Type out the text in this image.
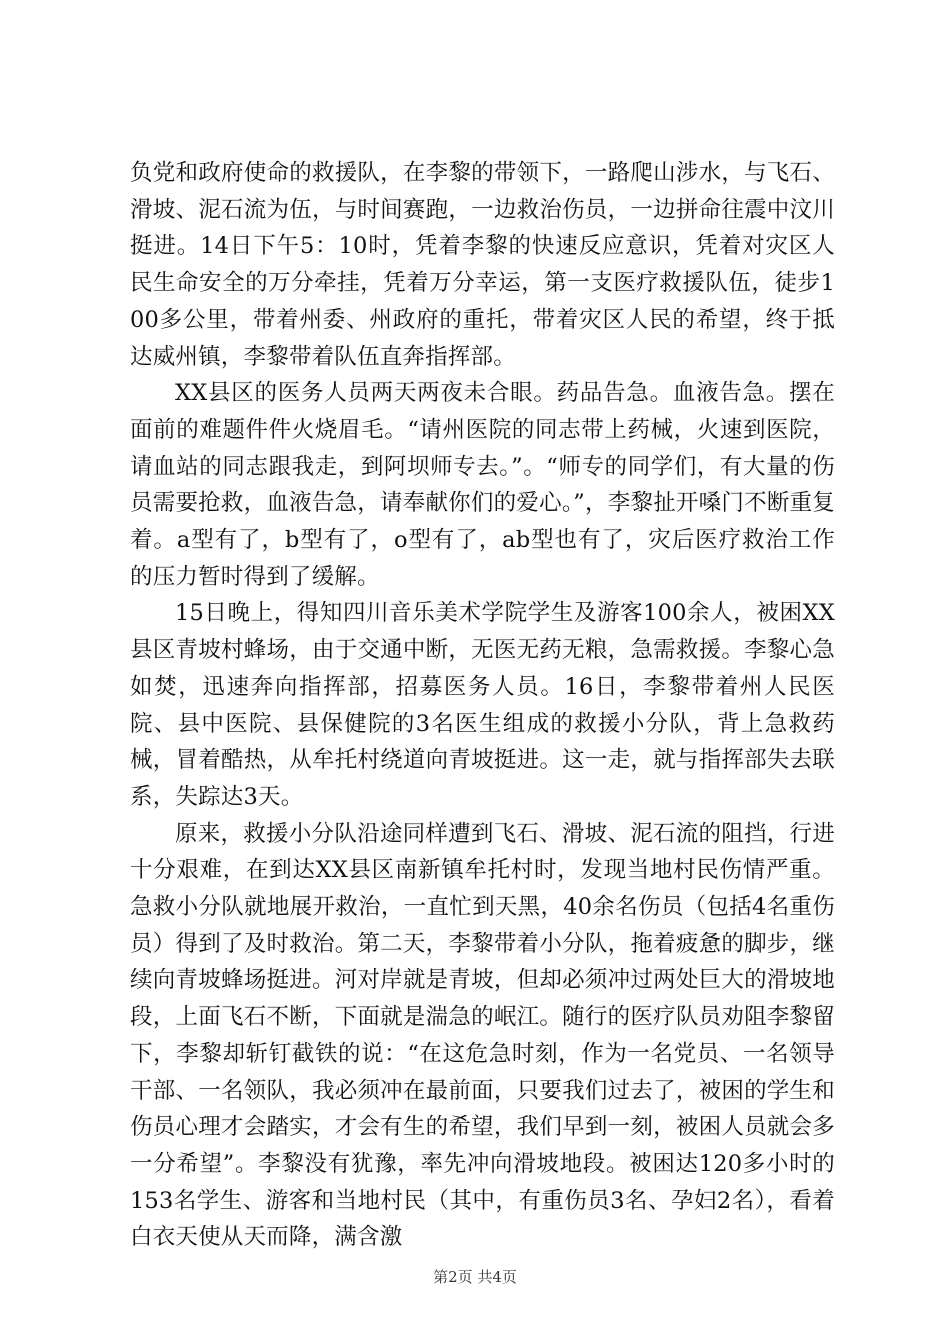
负党和政府使命的救援队，在李黎的带领下，一路爬山涉水，与飞石、滑坡、泥石流为伍，与时间赛跑，一边救治伤员，一边拼命往震中汶川挺进。14日下午5：10时，凭着李黎的快速反应意识，凭着对灾区人民生命安全的万分牵挂，凭着万分幸运，第一支医疗救援队伍，徒步100多公里，带着州委、州政府的重托，带着灾区人民的希望，终于抵达威州镇，李黎带着队伍直奔指挥部。

XX县区的医务人员两天两夜未合眼。药品告急。血液告急。摆在面前的难题件件火烧眉毛。“请州医院的同志带上药械，火速到医院，请血站的同志跟我走，到阿坝师专去。”。“师专的同学们，有大量的伤员需要抢救，血液告急，请奉献你们的爱心。”，李黎扯开嗓门不断重复着。a型有了，b型有了，o型有了，ab型也有了，灾后医疗救治工作的压力暂时得到了缓解。

15日晚上，得知四川音乐美术学院学生及游客100余人，被困XX县区青坡村蜂场，由于交通中断，无医无药无粮，急需救援。李黎心急如焚，迅速奔向指挥部，招募医务人员。16日，李黎带着州人民医院、县中医院、县保健院的3名医生组成的救援小分队，背上急救药械，冒着酷热，从牟托村绕道向青坡挺进。这一走，就与指挥部失去联系，失踪达3天。

原来，救援小分队沿途同样遭到飞石、滑坡、泥石流的阻挡，行进十分艰难，在到达XX县区南新镇牟托村时，发现当地村民伤情严重。急救小分队就地展开救治，一直忙到天黑，40余名伤员（包括4名重伤员）得到了及时救治。第二天，李黎带着小分队，拖着疲惫的脚步，继续向青坡蜂场挺进。河对岸就是青坡，但却必须冲过两处巨大的滑坡地段，上面飞石不断，下面就是湍急的岷江。随行的医疗队员劝阻李黎留下，李黎却斩钉截铁的说：“在这危急时刻，作为一名党员、一名领导干部、一名领队，我必须冲在最前面，只要我们过去了，被困的学生和伤员心理才会踏实，才会有生的希望，我们早到一刻，被困人员就会多一分希望”。李黎没有犹豫，率先冲向滑坡地段。被困达120多小时的153名学生、游客和当地村民（其中，有重伤员3名、孕妇2名），看着白衣天使从天而降，满含激

第2页 共4页
